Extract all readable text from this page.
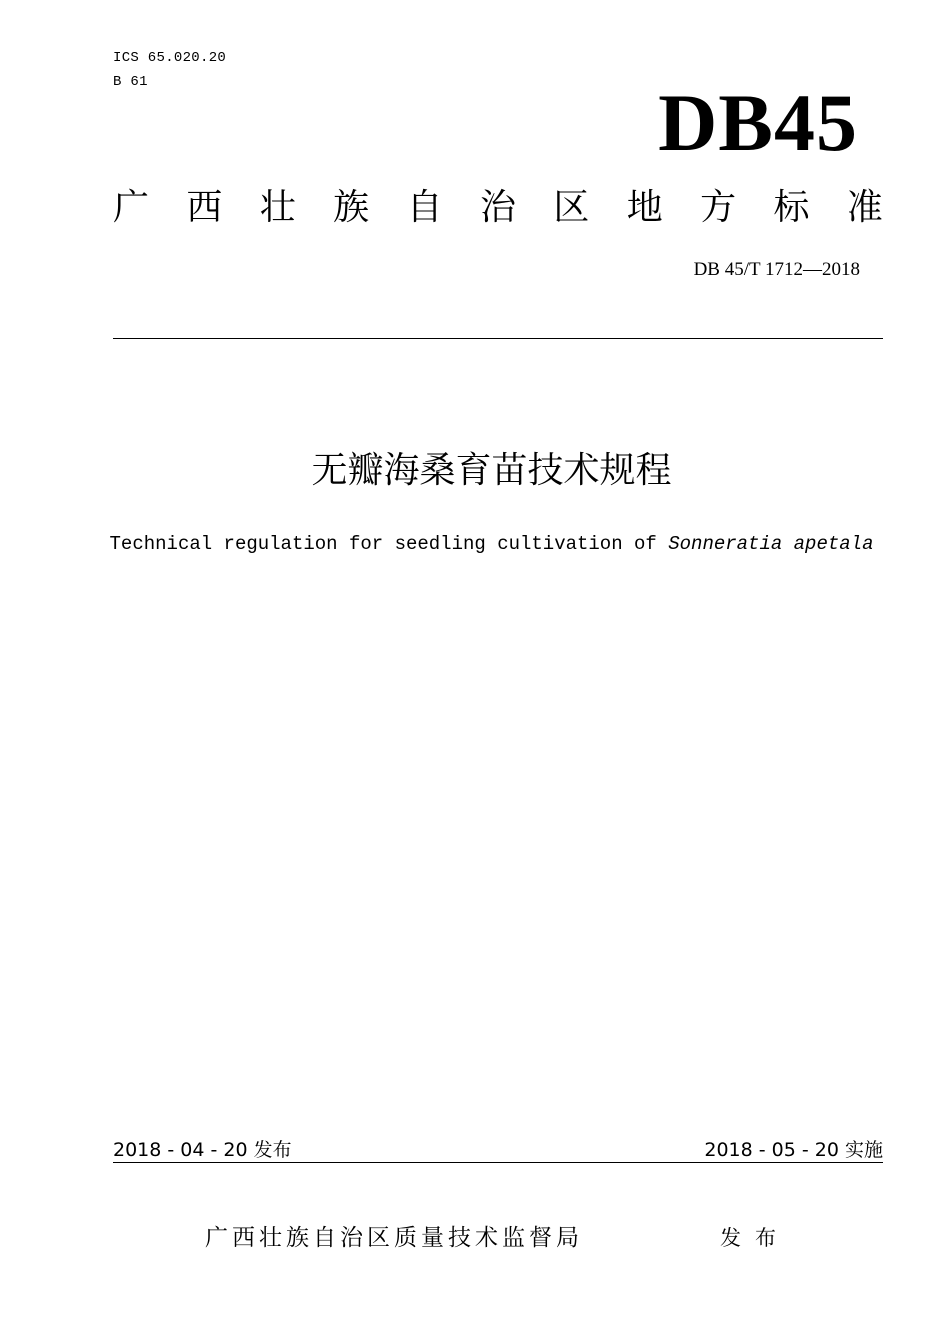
ICS 65.020.20
B 61	DB45
广 西 壮 族 自 治 区 地 方 标 准
DB 45/T 1712—2018
无瓣海桑育苗技术规程
Technical regulation for seedling cultivation of Sonneratia apetala
2018 - 04 - 20 发布	2018 - 05 - 20 实施
广西壮族自治区质量技术监督局	发布
